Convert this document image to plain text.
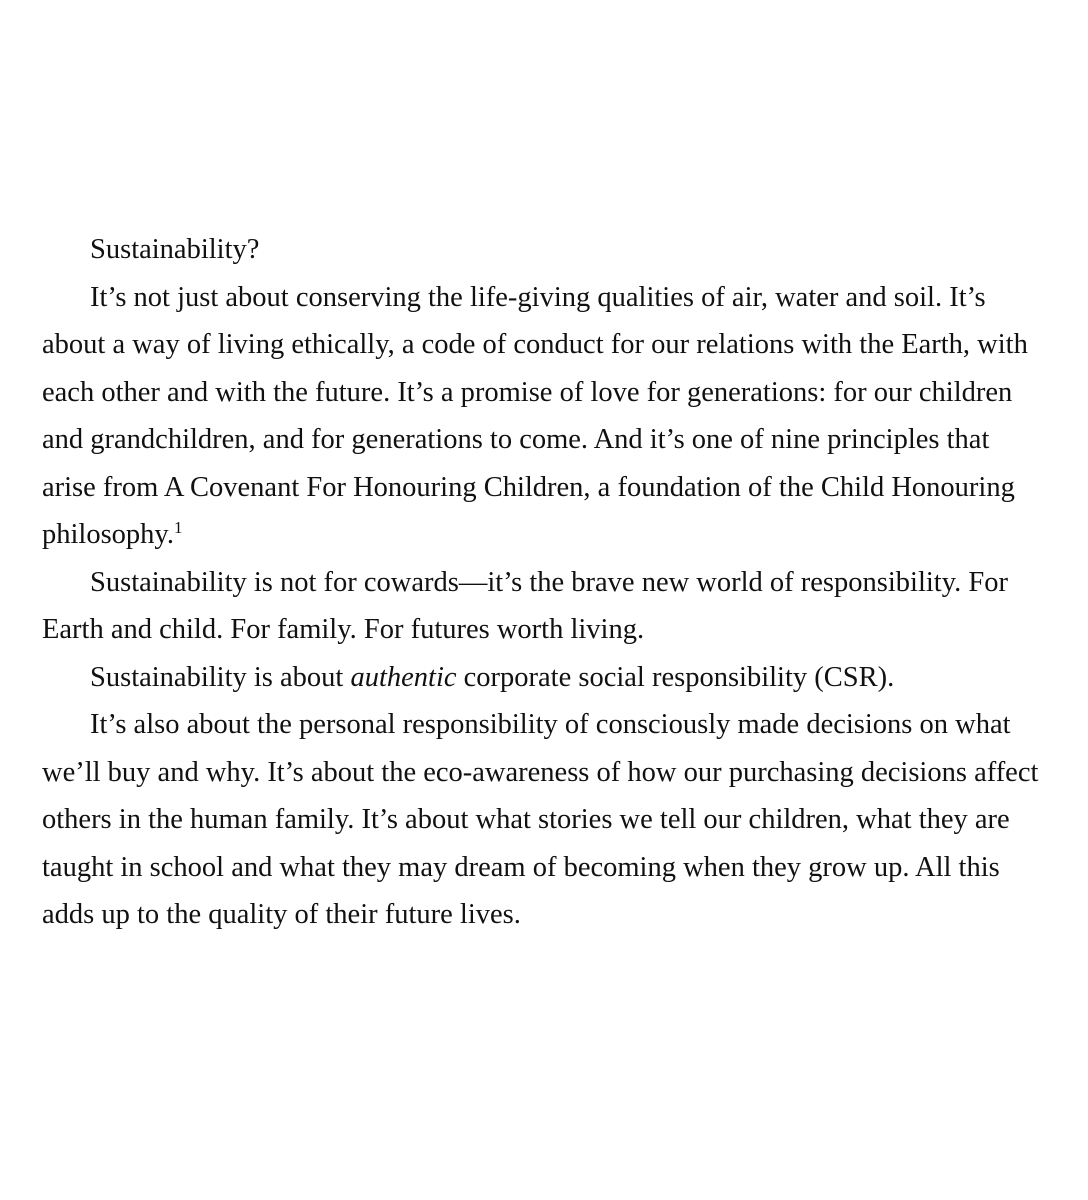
Sustainability?

It’s not just about conserving the life-giving qualities of air, water and soil. It’s about a way of living ethically, a code of conduct for our relations with the Earth, with each other and with the future. It’s a promise of love for generations: for our children and grandchildren, and for generations to come. And it’s one of nine principles that arise from A Covenant For Honouring Children, a foundation of the Child Honouring philosophy.$^1$

Sustainability is not for cowards—it’s the brave new world of responsibility. For Earth and child. For family. For futures worth living.

Sustainability is about authentic corporate social responsibility (CSR).

It’s also about the personal responsibility of consciously made decisions on what we’ll buy and why. It’s about the eco-awareness of how our purchasing decisions affect others in the human family. It’s about what stories we tell our children, what they are taught in school and what they may dream of becoming when they grow up. All this adds up to the quality of their future lives.
